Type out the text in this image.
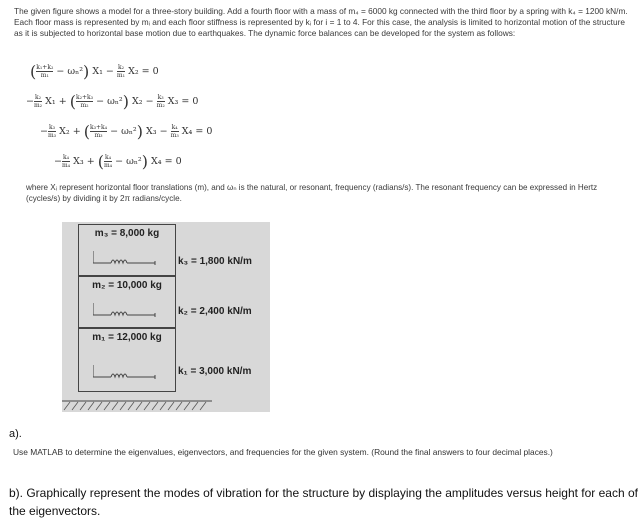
The given figure shows a model for a three-story building. Add a fourth floor with a mass of m₄ = 6000 kg connected with the third floor by a spring with k₄ = 1200 kN/m. Each floor mass is represented by mᵢ and each floor stiffness is represented by kᵢ for i = 1 to 4. For this case, the analysis is limited to horizontal motion of the structure as it is subjected to horizontal base motion due to earthquakes. The dynamic force balances can be developed for the system as follows:

( $\frac{\text{k₁+k₂}}{\text{m₁}} - \omega_n^2$) $X_1 - \frac{\text{k₂}}{\text{m₁}} X_2 = 0$
− $\frac{\text{k₂}}{\text{m₂}} X_1$ + ( $\frac{\text{k₂+k₃}}{\text{m₂}} - \omega_n^2$) $X_2 - \frac{\text{k₃}}{\text{m₂}} X_3 = 0$
− $\frac{\text{k₃}}{\text{m₃}} X_2$ + ( $\frac{\text{k₃+k₄}}{\text{m₃}} - \omega_n^2$) $X_3 - \frac{\text{k₄}}{\text{m₃}} X_4 = 0$
− $\frac{\text{k₄}}{\text{m₄}} X_3$ + ( $\frac{\text{k₄}}{\text{m₄}} - \omega_n^2$) X₄ = 0

where Xᵢ represent horizontal floor translations (m), and ωₙ is the natural, or resonant, frequency (radians/s). The resonant frequency can be expressed in Hertz (cycles/s) by dividing it by 2π radians/cycle.

m₃ = 8,000 kg
k₃ = 1,800 kN/m
m₂ = 10,000 kg
k₂ = 2,400 kN/m
m₁ = 12,000 kg
k₁ = 3,000 kN/m
a).

Use MATLAB to determine the eigenvalues, eigenvectors, and frequencies for the given system. (Round the final answers to four decimal places.)

b). Graphically represent the modes of vibration for the structure by displaying the amplitudes versus height for each of the eigenvectors.
